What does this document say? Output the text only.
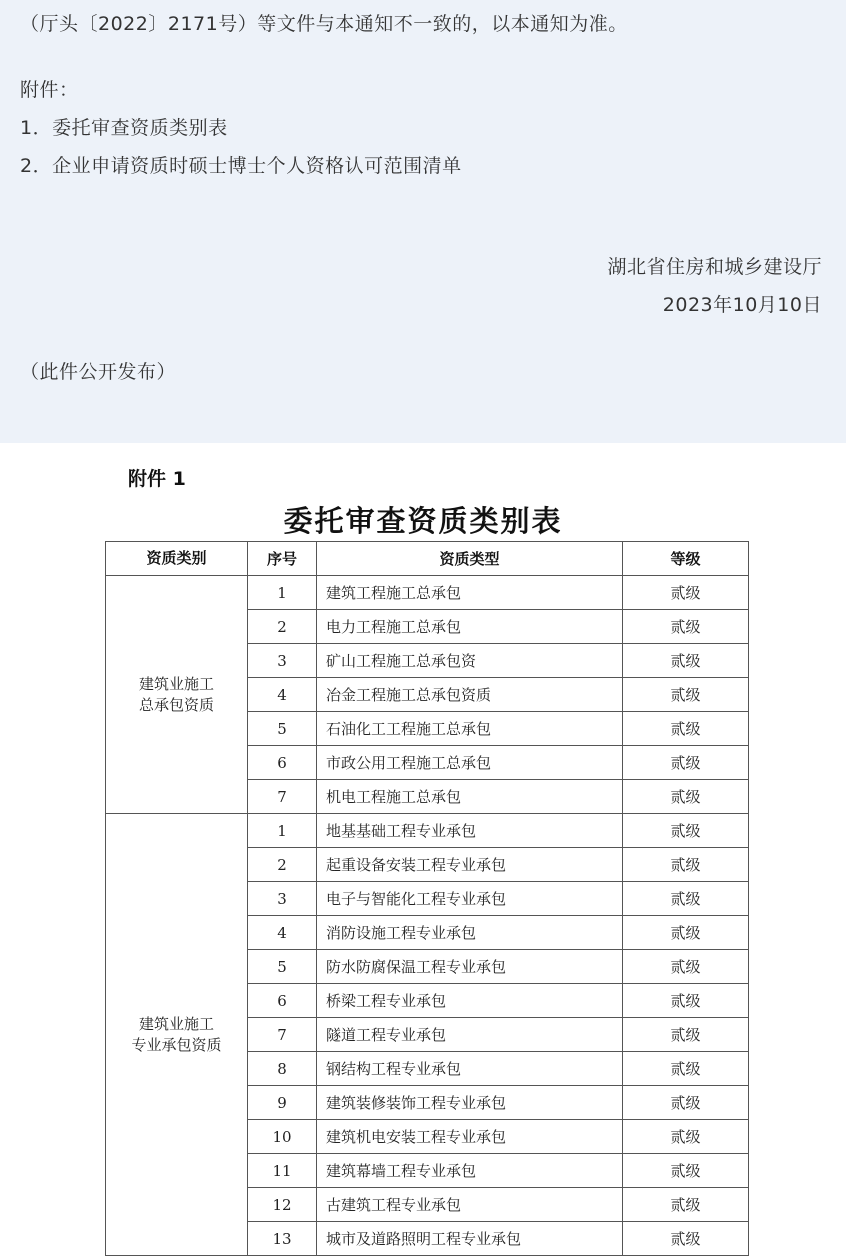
（厅头〔2022〕2171号）等文件与本通知不一致的，以本通知为准。
附件：
1．委托审查资质类别表
2．企业申请资质时硕士博士个人资格认可范围清单
湖北省住房和城乡建设厅
2023年10月10日
（此件公开发布）
附件 1
委托审查资质类别表
资质类别	序号	资质类型	等级

建筑业施工
总承包资质	1	建筑工程施工总承包	贰级
	2	电力工程施工总承包	贰级
	3	矿山工程施工总承包资	贰级
	4	冶金工程施工总承包资质	贰级
	5	石油化工工程施工总承包	贰级
	6	市政公用工程施工总承包	贰级
	7	机电工程施工总承包	贰级

建筑业施工
专业承包资质	1	地基基础工程专业承包	贰级
	2	起重设备安装工程专业承包	贰级
	3	电子与智能化工程专业承包	贰级
	4	消防设施工程专业承包	贰级
	5	防水防腐保温工程专业承包	贰级
	6	桥梁工程专业承包	贰级
	7	隧道工程专业承包	贰级
	8	钢结构工程专业承包	贰级
	9	建筑装修装饰工程专业承包	贰级
	10	建筑机电安装工程专业承包	贰级
	11	建筑幕墙工程专业承包	贰级
	12	古建筑工程专业承包	贰级
	13	城市及道路照明工程专业承包	贰级
